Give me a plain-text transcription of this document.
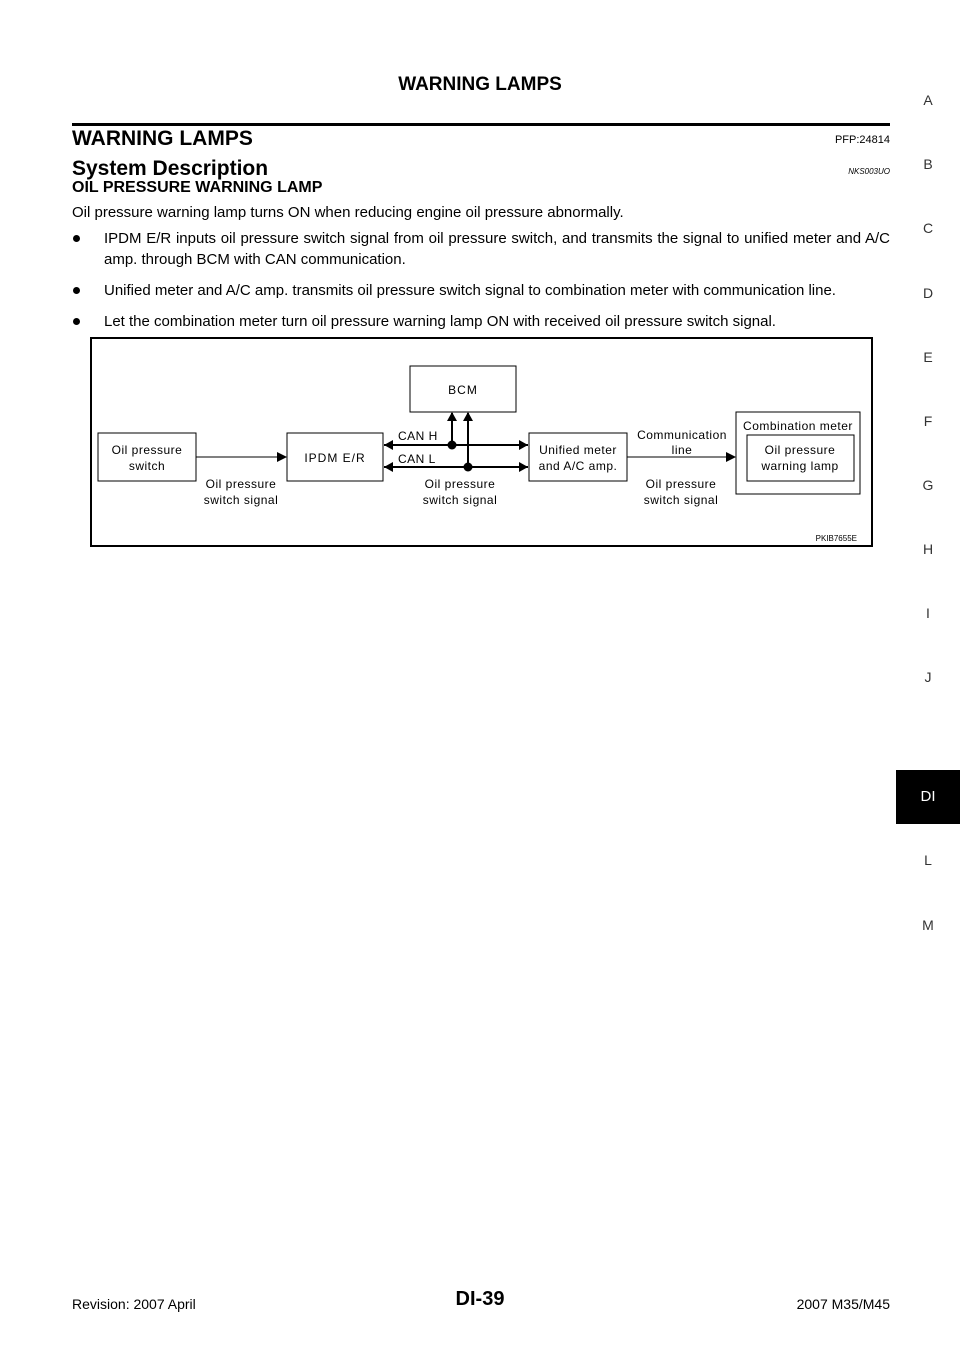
WARNING LAMPS
WARNING LAMPS	PFP:24814
System Description	NKS003UO
OIL PRESSURE WARNING LAMP
Oil pressure warning lamp turns ON when reducing engine oil pressure abnormally.
IPDM E/R inputs oil pressure switch signal from oil pressure switch, and transmits the signal to unified meter and A/C amp. through BCM with CAN communication.
Unified meter and A/C amp. transmits oil pressure switch signal to combination meter with communication line.
Let the combination meter turn oil pressure warning lamp ON with received oil pressure switch signal.
BCM
Oil pressure
switch
IPDM E/R
Unified meter
and A/C amp.
CAN H
CAN L
Communication
line
Combination meter
Oil pressure
warning lamp
Oil pressure
switch signal
Oil pressure
switch signal
Oil pressure
switch signal
PKIB7655E
A
B
C
D
E
F
G
H
I
J
DI
L
M
Revision: 2007 April	DI-39	2007 M35/M45
